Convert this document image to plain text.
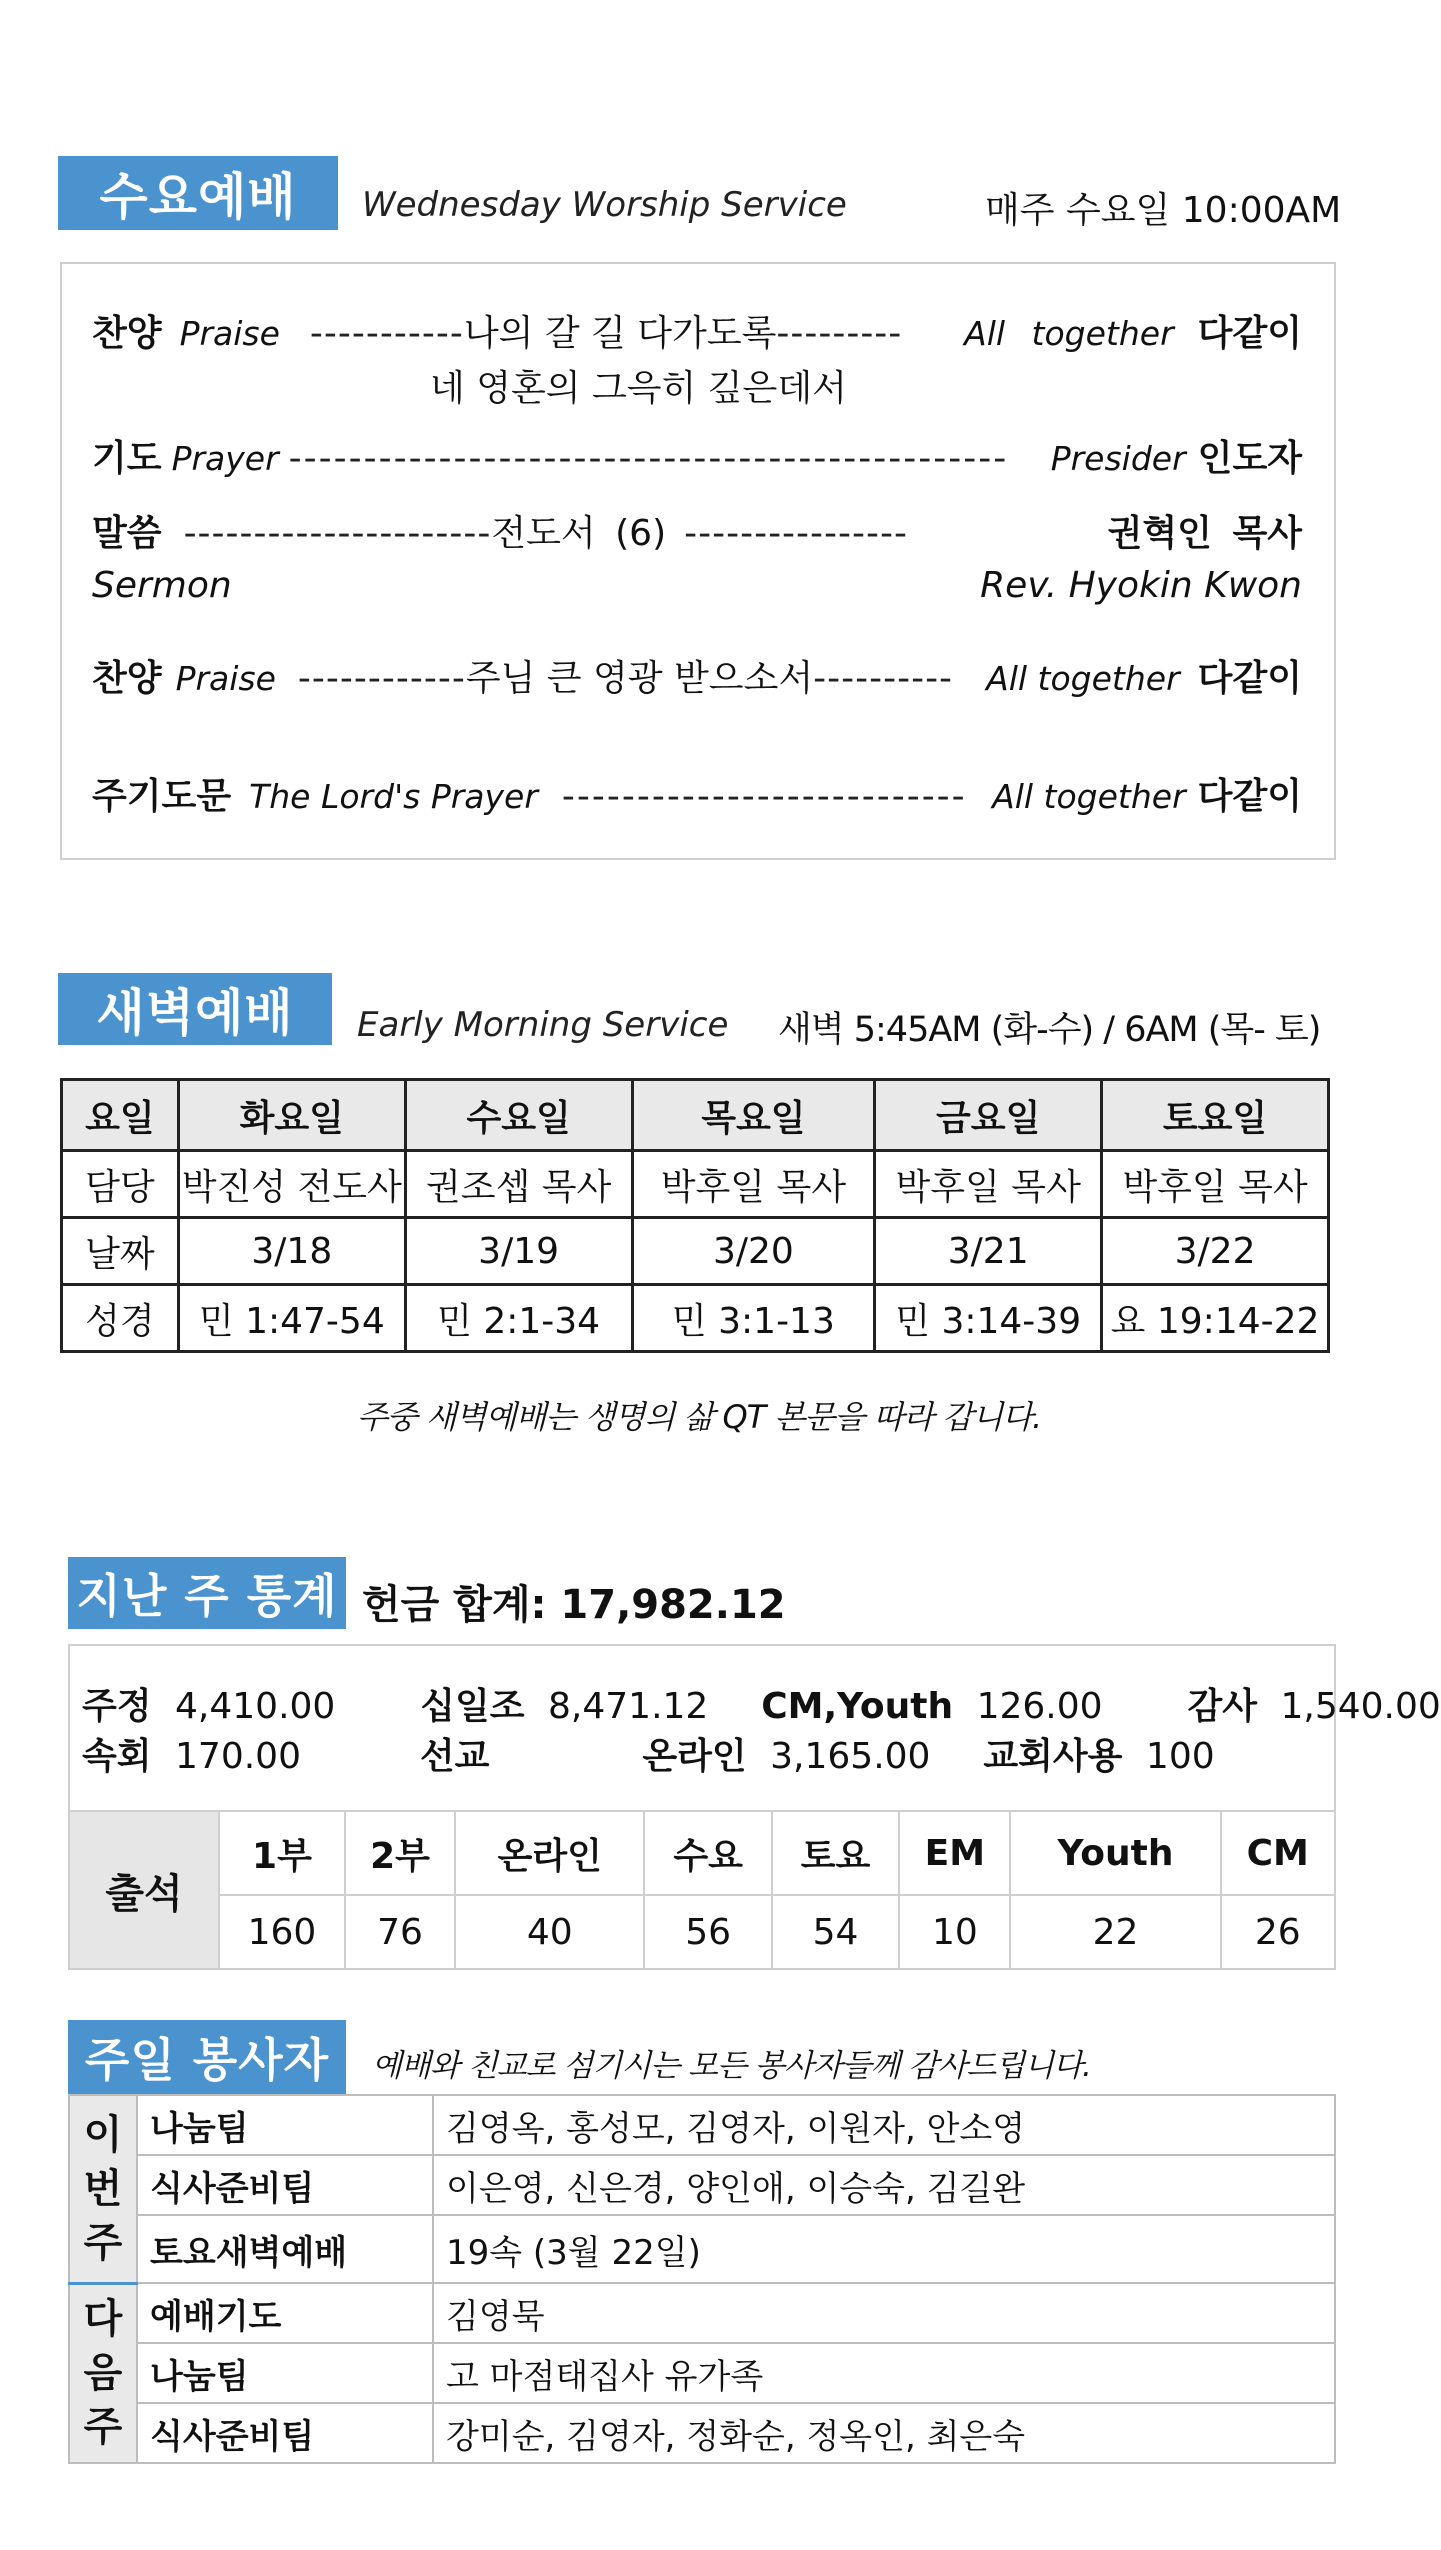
수요예배	Wednesday Worship Service	매주 수요일 10:00AM
찬양 Praise ----------- 나의 갈 길 다가도록 --------- All together 다같이
네 영혼의 그윽히 깊은데서
기도 Prayer ------------------------------------------------	Presider 인도자
말씀 ---------------------- 전도서 (6) ----------------	권혁인 목사
Sermon	Rev. Hyokin Kwon
찬양 Praise ------------ 주님 큰 영광 받으소서 ---------- All together 다같이
주기도문 The Lord's Prayer --------------------------- All together 다같이
새벽예배	Early Morning Service 새벽 5:45AM (화-수) / 6AM (목- 토)
요일	화요일	수요일	목요일	금요일	토요일
담당	박진성 전도사	권조셉 목사	박후일 목사	박후일 목사	박후일 목사
날짜	3/18	3/19	3/20	3/21	3/22
성경	민 1:47-54	민 2:1-34	민 3:1-13	민 3:14-39	요 19:14-22
주중 새벽예배는 생명의 삶 QT 본문을 따라 갑니다.
지난 주 통계 헌금 합계: 17,982.12
주정 4,410.00 십일조 8,471.12 CM,Youth 126.00 감사 1,540.00
속회 170.00	선교	온라인 3,165.00 교회사용 100
출석	1부	2부	온라인	수요	토요	EM	Youth	CM
	160	76	40	56	54	10	22	26
주일 봉사자	예배와 친교로 섬기시는 모든 봉사자들께 감사드립니다.
이번주	나눔팀	김영옥, 홍성모, 김영자, 이원자, 안소영
	식사준비팀	이은영, 신은경, 양인애, 이승숙, 김길완
	토요새벽예배	19속 (3월 22일)

다음주	예배기도	김영묵
	나눔팀	고 마점태집사 유가족
	식사준비팀	강미순, 김영자, 정화순, 정옥인, 최은숙
